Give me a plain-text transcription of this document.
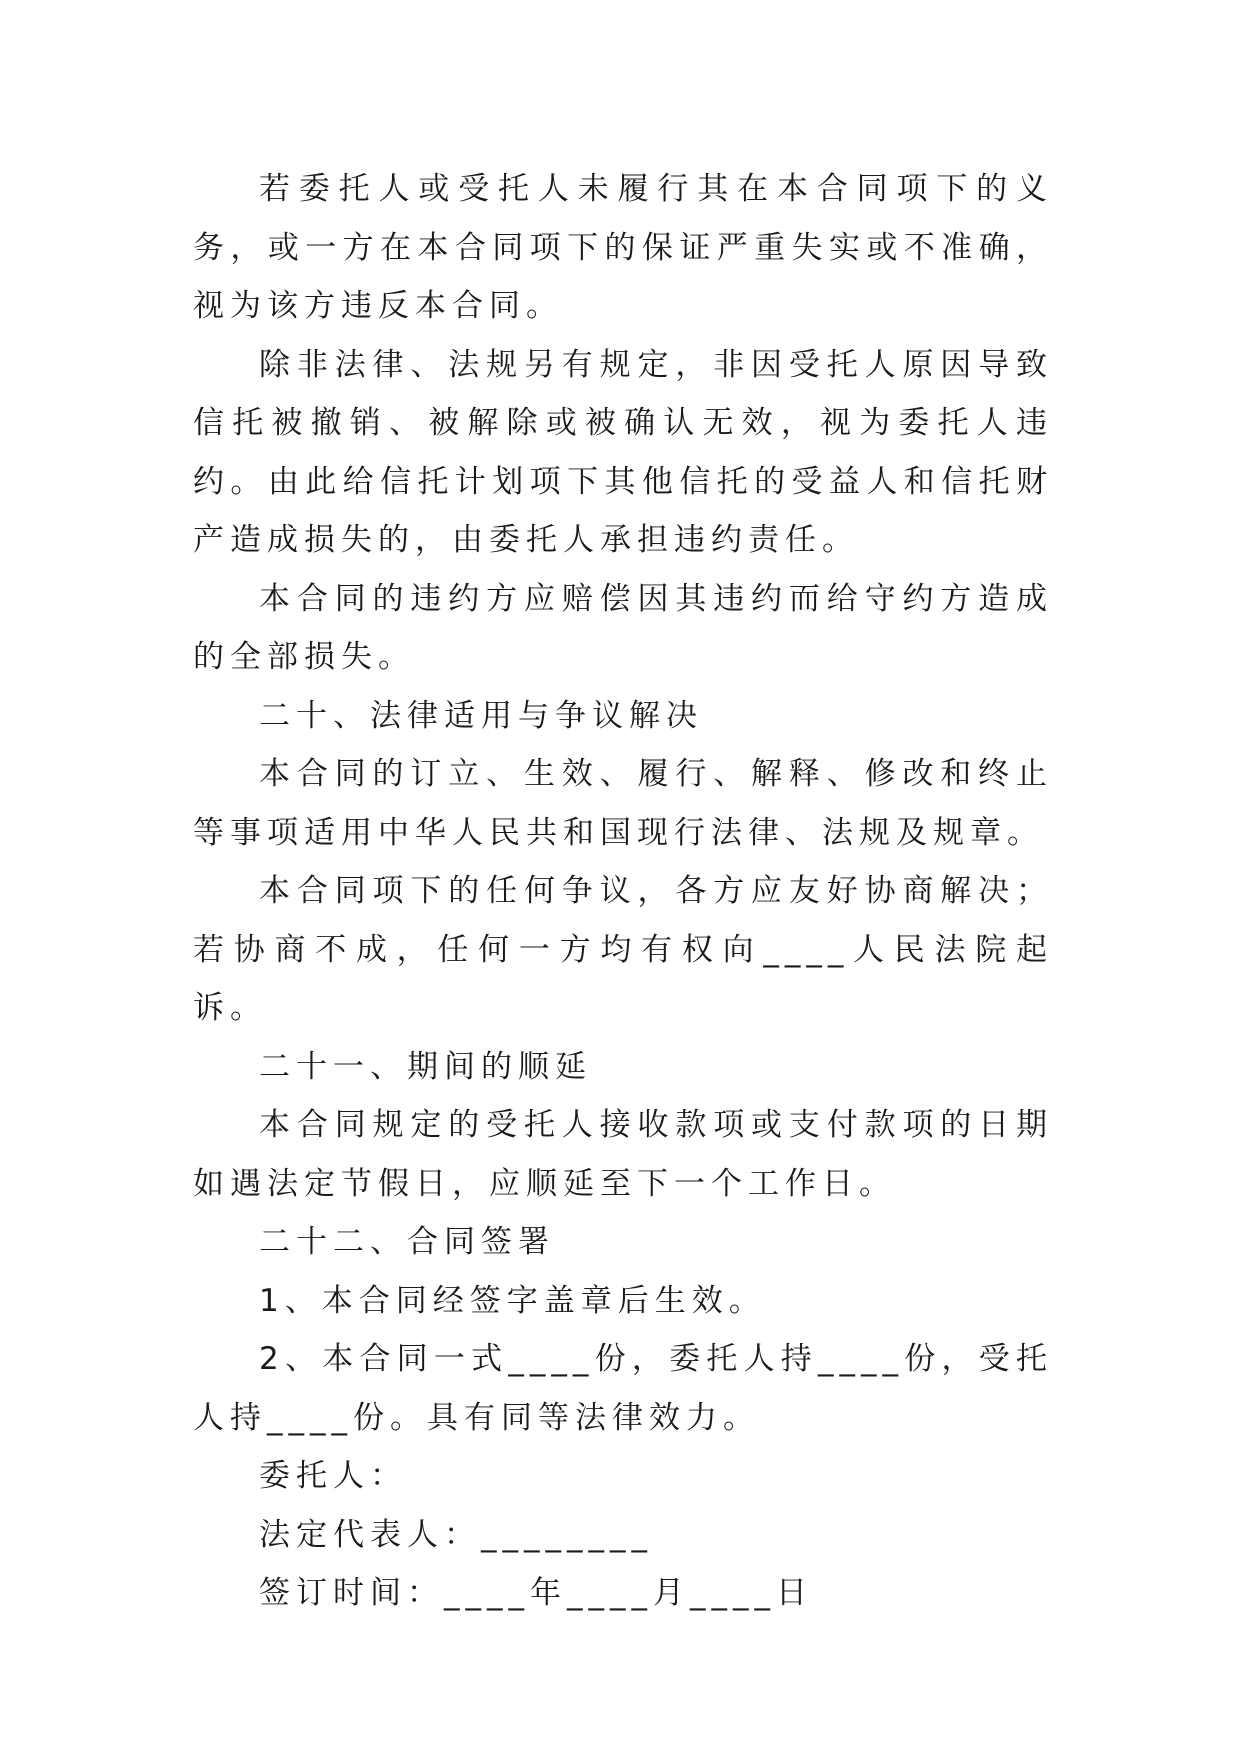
若委托人或受托人未履行其在本合同项下的义务，或一方在本合同项下的保证严重失实或不准确，视为该方违反本合同。

除非法律、法规另有规定，非因受托人原因导致信托被撤销、被解除或被确认无效，视为委托人违约。由此给信托计划项下其他信托的受益人和信托财产造成损失的，由委托人承担违约责任。

本合同的违约方应赔偿因其违约而给守约方造成的全部损失。

二十、法律适用与争议解决

本合同的订立、生效、履行、解释、修改和终止等事项适用中华人民共和国现行法律、法规及规章。

本合同项下的任何争议，各方应友好协商解决；若协商不成，任何一方均有权向____人民法院起诉。

二十一、期间的顺延

本合同规定的受托人接收款项或支付款项的日期如遇法定节假日，应顺延至下一个工作日。

二十二、合同签署

1、本合同经签字盖章后生效。

2、本合同一式____份，委托人持____份，受托人持____份。具有同等法律效力。

委托人：

法定代表人：________

签订时间：____年____月____日
